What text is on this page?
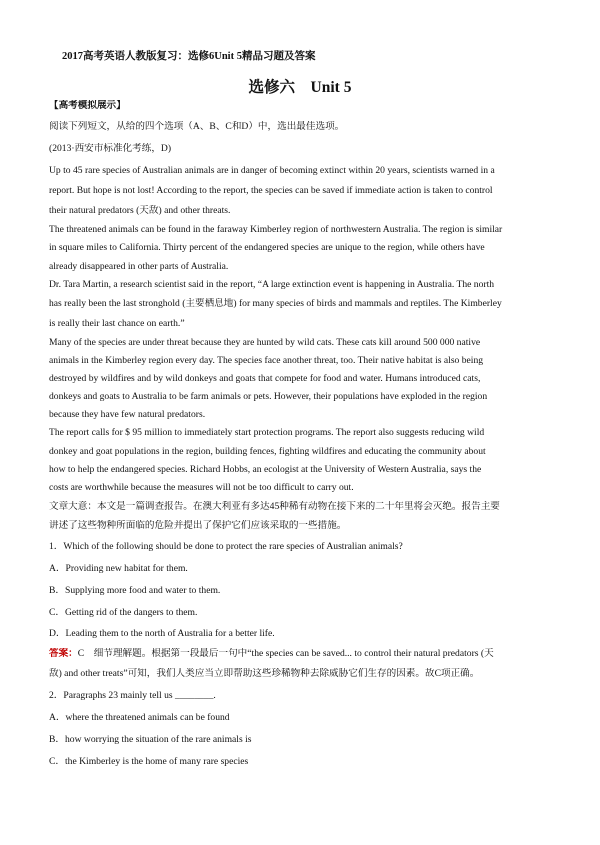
2017高考英语人教版复习：选修6Unit 5精品习题及答案
选修六　Unit 5
【高考模拟展示】
阅读下列短文，从给的四个选项（A、B、C和D）中，选出最佳选项。
(2013·西安市标准化考练，D)
Up to 45 rare species of Australian animals are in danger of becoming extinct within 20 years, scientists warned in a
report. But hope is not lost! According to the report, the species can be saved if immediate action is taken to control
their natural predators (天敌) and other threats.
The threatened animals can be found in the faraway Kimberley region of northwestern Australia. The region is similar
in square miles to California. Thirty percent of the endangered species are unique to the region, while others have
already disappeared in other parts of Australia.
Dr. Tara Martin, a research scientist said in the report, “A large extinction event is happening in Australia. The north
has really been the last stronghold (主要栖息地) for many species of birds and mammals and reptiles. The Kimberley
is really their last chance on earth.”
Many of the species are under threat because they are hunted by wild cats. These cats kill around 500 000 native
animals in the Kimberley region every day. The species face another threat, too. Their native habitat is also being
destroyed by wildfires and by wild donkeys and goats that compete for food and water. Humans introduced cats,
donkeys and goats to Australia to be farm animals or pets. However, their populations have exploded in the region
because they have few natural predators.
The report calls for $ 95 million to immediately start protection programs. The report also suggests reducing wild
donkey and goat populations in the region, building fences, fighting wildfires and educating the community about
how to help the endangered species. Richard Hobbs, an ecologist at the University of Western Australia, says the
costs are worthwhile because the measures will not be too difficult to carry out.
文章大意：本文是一篇调查报告。在澳大利亚有多达45种稀有动物在接下来的二十年里将会灭绝。报告主要
讲述了这些物种所面临的危险并提出了保护它们应该采取的一些措施。
1．Which of the following should be done to protect the rare species of Australian animals?
A．Providing new habitat for them.
B．Supplying more food and water to them.
C．Getting rid of the dangers to them.
D．Leading them to the north of Australia for a better life.
答案：C　细节理解题。根据第一段最后一句中“the species can be saved... to control their natural predators (天
敌) and other treats”可知，我们人类应当立即帮助这些珍稀物种去除威胁它们生存的因素。故C项正确。
2．Paragraphs 23 mainly tell us ________.
A．where the threatened animals can be found
B．how worrying the situation of the rare animals is
C．the Kimberley is the home of many rare species
